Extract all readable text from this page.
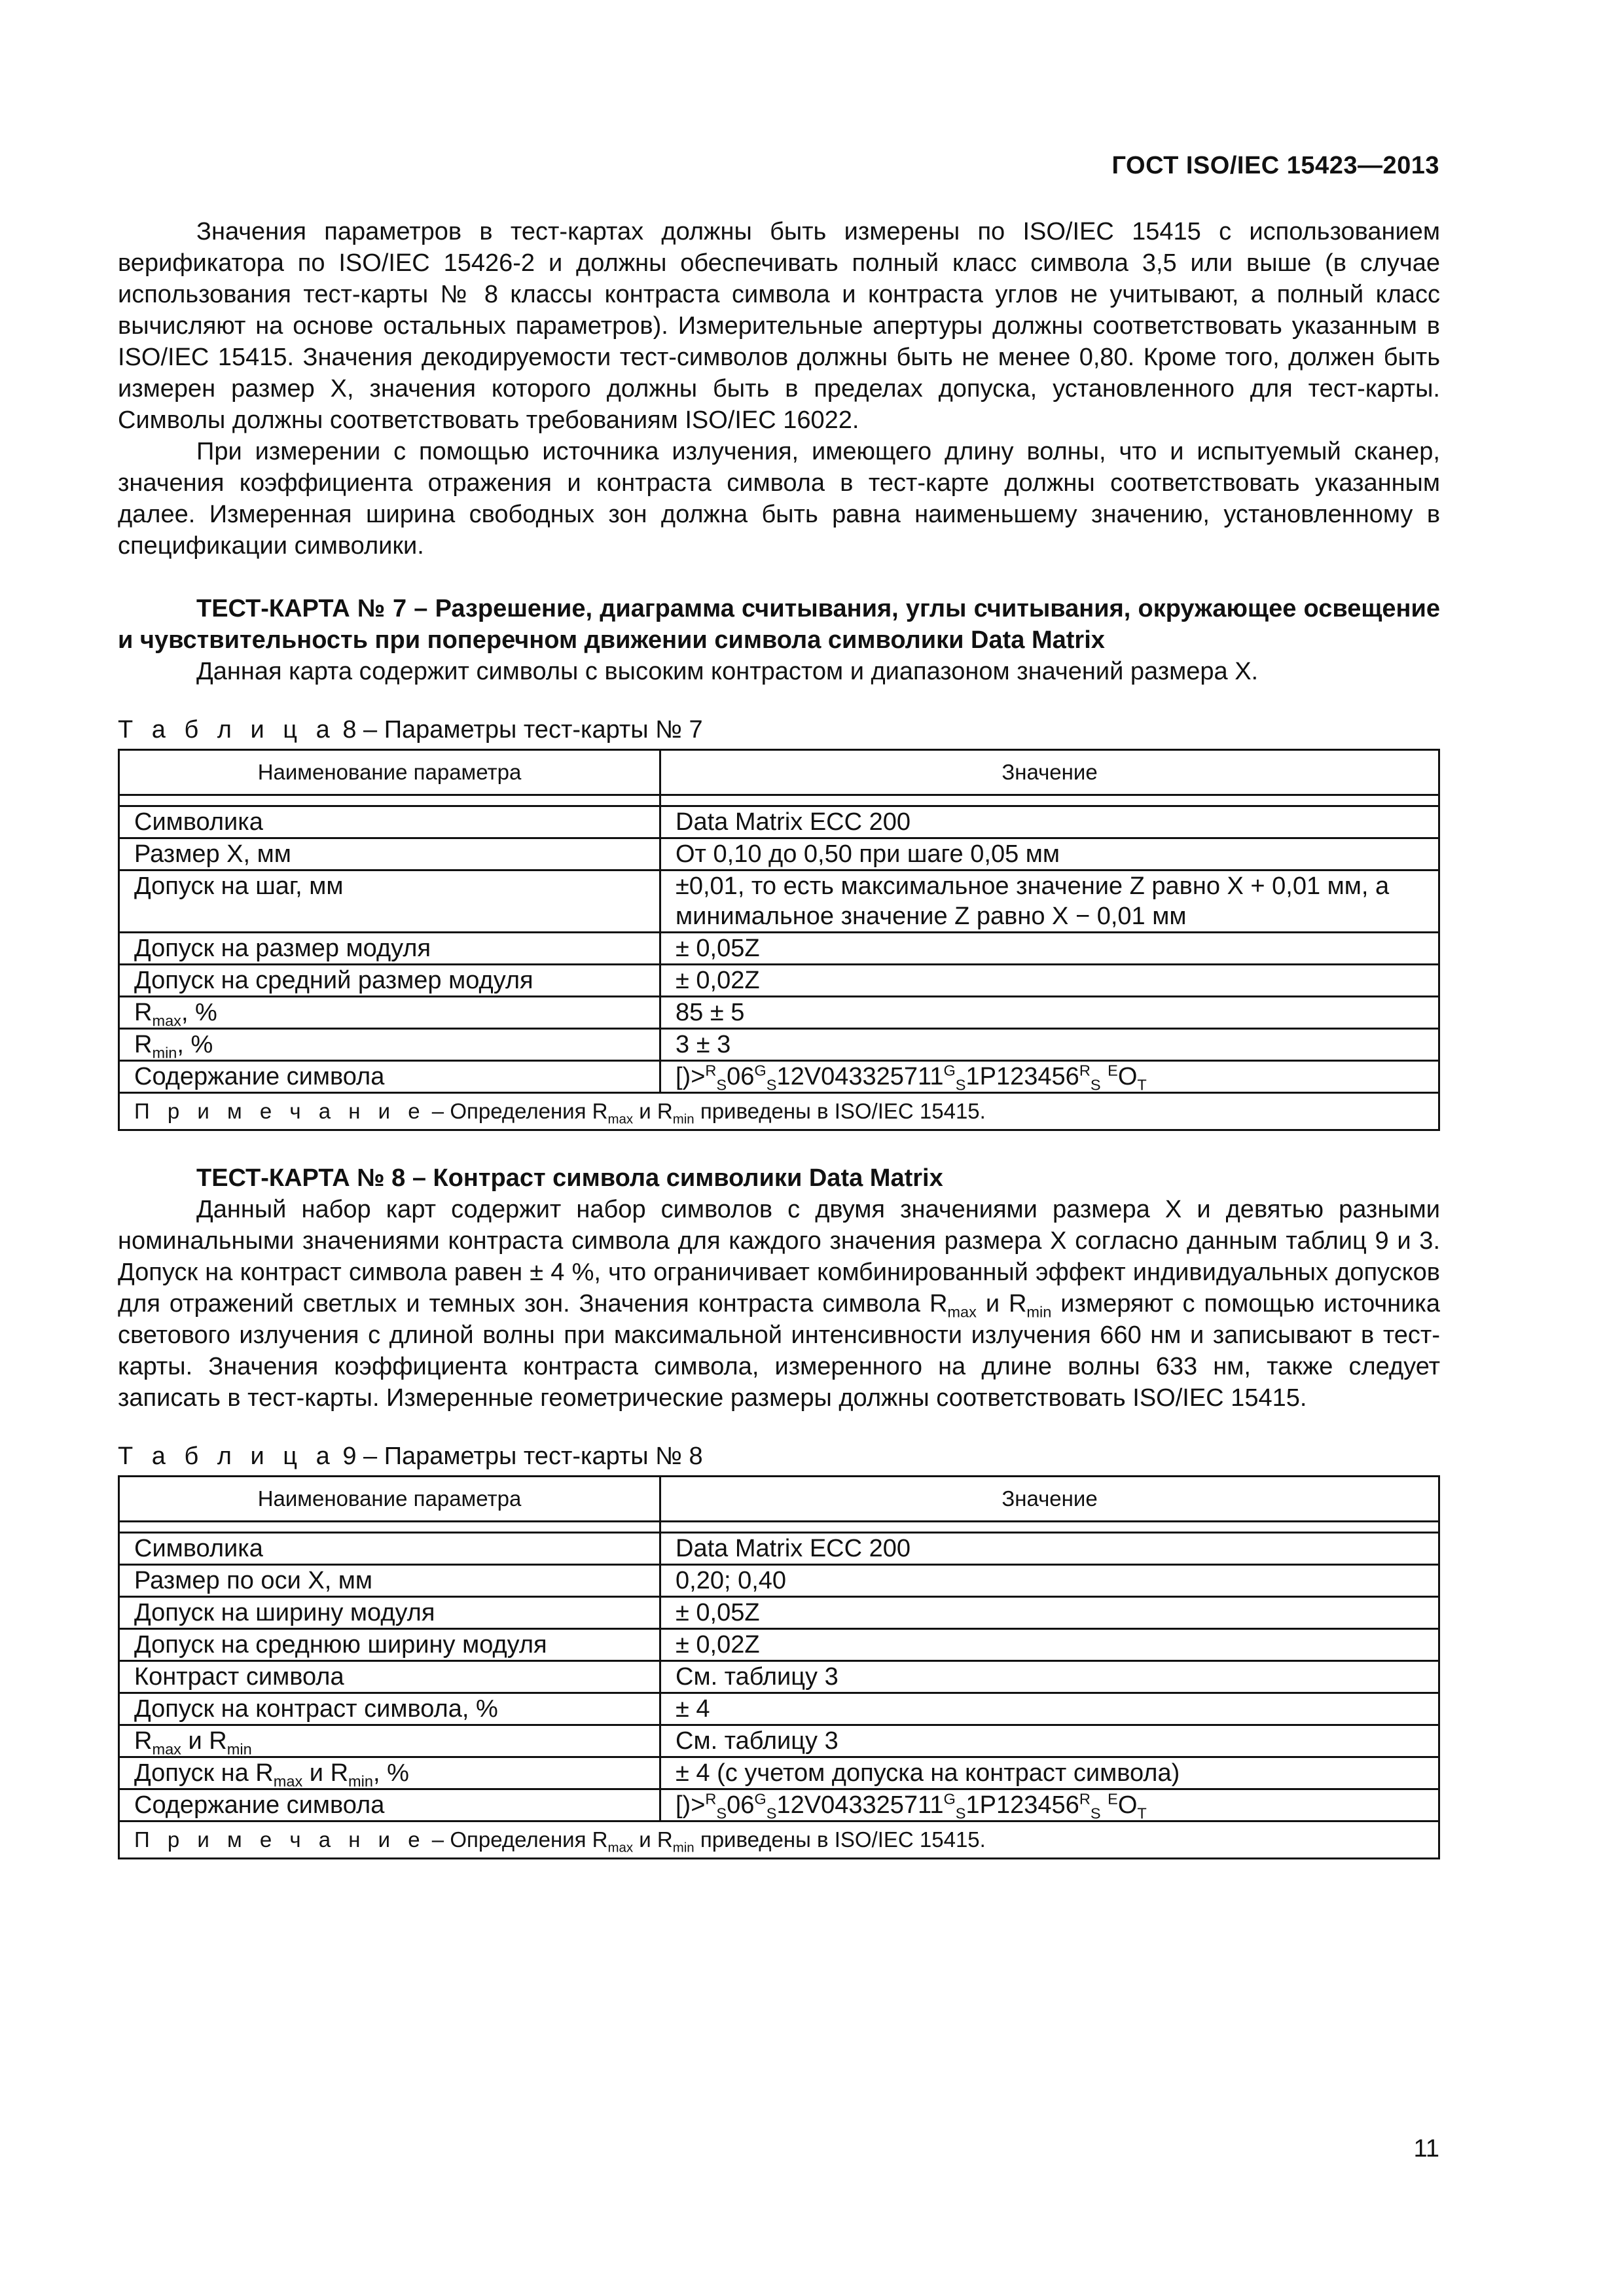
ГОСТ ISO/IEC 15423—2013

Значения параметров в тест-картах должны быть измерены по ISO/IEC 15415 с использованием верификатора по ISO/IEC 15426-2 и должны обеспечивать полный класс символа 3,5 или выше (в случае использования тест-карты № 8 классы контраста символа и контраста углов не учитывают, а полный класс вычисляют на основе остальных параметров). Измерительные апертуры должны соответствовать указанным в ISO/IEC 15415. Значения декодируемости тест-символов должны быть не менее 0,80. Кроме того, должен быть измерен размер X, значения которого должны быть в пределах допуска, установленного для тест-карты. Символы должны соответствовать требованиям ISO/IEC 16022.

При измерении с помощью источника излучения, имеющего длину волны, что и испытуемый сканер, значения коэффициента отражения и контраста символа в тест-карте должны соответствовать указанным далее. Измеренная ширина свободных зон должна быть равна наименьшему значению, установленному в спецификации символики.

ТЕСТ-КАРТА № 7 – Разрешение, диаграмма считывания, углы считывания, окружающее освещение и чувствительность при поперечном движении символа символики Data Matrix

Данная карта содержит символы с высоким контрастом и диапазоном значений размера X.

Т а б л и ц а 8 – Параметры тест-карты № 7
Наименование параметра	Значение

Символика	Data Matrix ECC 200
Размер X, мм	От 0,10 до 0,50 при шаге 0,05 мм
Допуск на шаг, мм	±0,01, то есть максимальное значение Z равно X + 0,01 мм, а минимальное значение Z равно X − 0,01 мм
Допуск на размер модуля	± 0,05Z
Допуск на средний размер модуля	± 0,02Z
$R_{max}$, %	85 ± 5
$R_{min}$, %	3 ± 3
Содержание символа	$[)>^R_S06^G_S12V043325711^G_S1P123456^R_S$ $^EO_T$
П р и м е ч а н и е – Определения $R_{max}$ и $R_{min}$ приведены в ISO/IEC 15415.	
ТЕСТ-КАРТА № 8 – Контраст символа символики Data Matrix

Данный набор карт содержит набор символов с двумя значениями размера X и девятью разными номинальными значениями контраста символа для каждого значения размера X согласно данным таблиц 9 и 3. Допуск на контраст символа равен ± 4 %, что ограничивает комбинированный эффект индивидуальных допусков для отражений светлых и темных зон. Значения контраста символа $R_{max}$ и $R_{min}$ измеряют с помощью источника светового излучения с длиной волны при максимальной интенсивности излучения 660 нм и записывают в тест-карты. Значения коэффициента контраста символа, измеренного на длине волны 633 нм, также следует записать в тест-карты. Измеренные геометрические размеры должны соответствовать ISO/IEC 15415.

Т а б л и ц а 9 – Параметры тест-карты № 8
Наименование параметра	Значение

Символика	Data Matrix ECC 200
Размер по оси X, мм	0,20; 0,40
Допуск на ширину модуля	± 0,05Z
Допуск на среднюю ширину модуля	± 0,02Z
Контраст символа	См. таблицу 3
Допуск на контраст символа, %	± 4
$R_{max}$ и $R_{min}$	См. таблицу 3
Допуск на $R_{max}$ и $R_{min}$, %	± 4 (с учетом допуска на контраст символа)
Содержание символа	$[)>^R_S06^G_S12V043325711^G_S1P123456^R_S$ $^EO_T$
П р и м е ч а н и е – Определения $R_{max}$ и $R_{min}$ приведены в ISO/IEC 15415.	
11
